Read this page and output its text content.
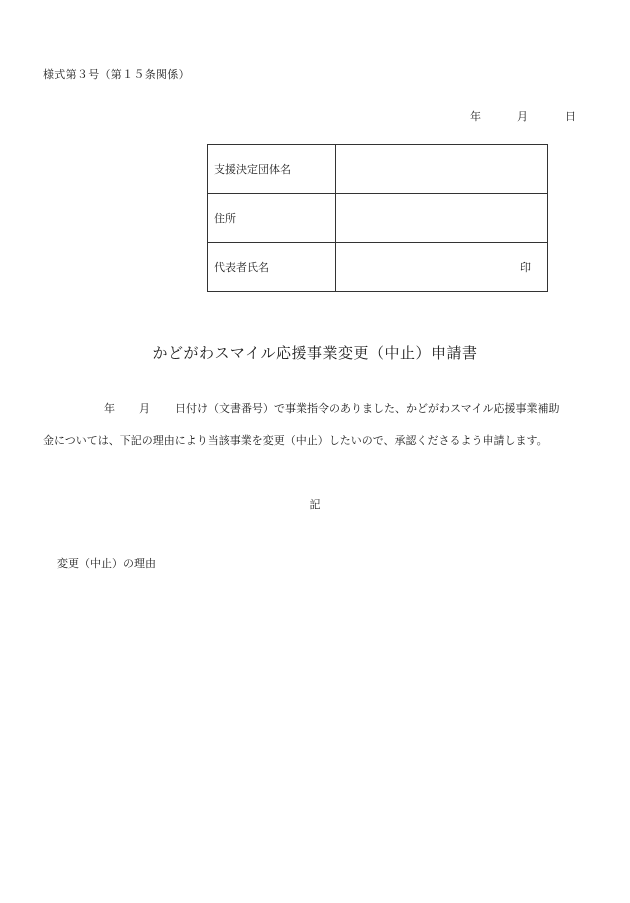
様式第３号（第１５条関係）
年	月	日
支援決定団体名	
住所	
代表者氏名	印
かどがわスマイル応援事業変更（中止）申請書
年 月 日付け（文書番号）で事業指令のありました、かどがわスマイル応援事業補助
金については、下記の理由により当該事業を変更（中止）したいので、承認くださるよう申請します。
記
変更（中止）の理由
